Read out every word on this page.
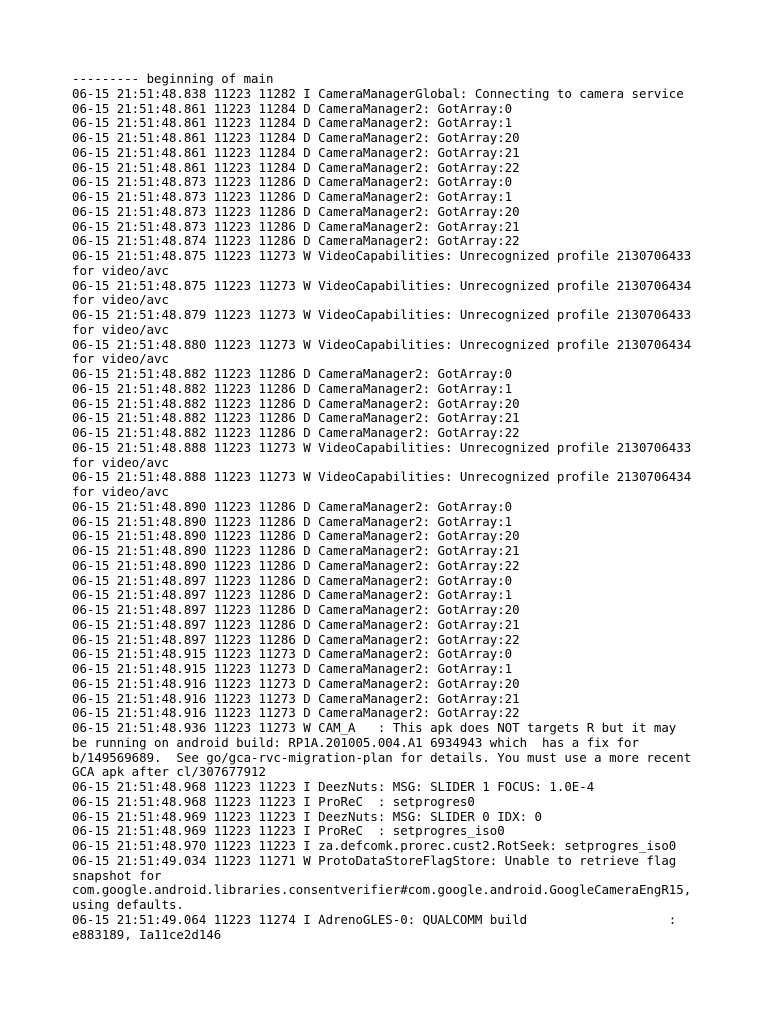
--------- beginning of main
06-15 21:51:48.838 11223 11282 I CameraManagerGlobal: Connecting to camera service
06-15 21:51:48.861 11223 11284 D CameraManager2: GotArray:0
06-15 21:51:48.861 11223 11284 D CameraManager2: GotArray:1
06-15 21:51:48.861 11223 11284 D CameraManager2: GotArray:20
06-15 21:51:48.861 11223 11284 D CameraManager2: GotArray:21
06-15 21:51:48.861 11223 11284 D CameraManager2: GotArray:22
06-15 21:51:48.873 11223 11286 D CameraManager2: GotArray:0
06-15 21:51:48.873 11223 11286 D CameraManager2: GotArray:1
06-15 21:51:48.873 11223 11286 D CameraManager2: GotArray:20
06-15 21:51:48.873 11223 11286 D CameraManager2: GotArray:21
06-15 21:51:48.874 11223 11286 D CameraManager2: GotArray:22
06-15 21:51:48.875 11223 11273 W VideoCapabilities: Unrecognized profile 2130706433
for video/avc
06-15 21:51:48.875 11223 11273 W VideoCapabilities: Unrecognized profile 2130706434
for video/avc
06-15 21:51:48.879 11223 11273 W VideoCapabilities: Unrecognized profile 2130706433
for video/avc
06-15 21:51:48.880 11223 11273 W VideoCapabilities: Unrecognized profile 2130706434
for video/avc
06-15 21:51:48.882 11223 11286 D CameraManager2: GotArray:0
06-15 21:51:48.882 11223 11286 D CameraManager2: GotArray:1
06-15 21:51:48.882 11223 11286 D CameraManager2: GotArray:20
06-15 21:51:48.882 11223 11286 D CameraManager2: GotArray:21
06-15 21:51:48.882 11223 11286 D CameraManager2: GotArray:22
06-15 21:51:48.888 11223 11273 W VideoCapabilities: Unrecognized profile 2130706433
for video/avc
06-15 21:51:48.888 11223 11273 W VideoCapabilities: Unrecognized profile 2130706434
for video/avc
06-15 21:51:48.890 11223 11286 D CameraManager2: GotArray:0
06-15 21:51:48.890 11223 11286 D CameraManager2: GotArray:1
06-15 21:51:48.890 11223 11286 D CameraManager2: GotArray:20
06-15 21:51:48.890 11223 11286 D CameraManager2: GotArray:21
06-15 21:51:48.890 11223 11286 D CameraManager2: GotArray:22
06-15 21:51:48.897 11223 11286 D CameraManager2: GotArray:0
06-15 21:51:48.897 11223 11286 D CameraManager2: GotArray:1
06-15 21:51:48.897 11223 11286 D CameraManager2: GotArray:20
06-15 21:51:48.897 11223 11286 D CameraManager2: GotArray:21
06-15 21:51:48.897 11223 11286 D CameraManager2: GotArray:22
06-15 21:51:48.915 11223 11273 D CameraManager2: GotArray:0
06-15 21:51:48.915 11223 11273 D CameraManager2: GotArray:1
06-15 21:51:48.916 11223 11273 D CameraManager2: GotArray:20
06-15 21:51:48.916 11223 11273 D CameraManager2: GotArray:21
06-15 21:51:48.916 11223 11273 D CameraManager2: GotArray:22
06-15 21:51:48.936 11223 11273 W CAM_A   : This apk does NOT targets R but it may
be running on android build: RP1A.201005.004.A1 6934943 which  has a fix for
b/149569689.  See go/gca-rvc-migration-plan for details. You must use a more recent
GCA apk after cl/307677912
06-15 21:51:48.968 11223 11223 I DeezNuts: MSG: SLIDER 1 FOCUS: 1.0E-4
06-15 21:51:48.968 11223 11223 I ProReC  : setprogres0
06-15 21:51:48.969 11223 11223 I DeezNuts: MSG: SLIDER 0 IDX: 0
06-15 21:51:48.969 11223 11223 I ProReC  : setprogres_iso0
06-15 21:51:48.970 11223 11223 I za.defcomk.prorec.cust2.RotSeek: setprogres_iso0
06-15 21:51:49.034 11223 11271 W ProtoDataStoreFlagStore: Unable to retrieve flag
snapshot for
com.google.android.libraries.consentverifier#com.google.android.GoogleCameraEngR15,
using defaults.
06-15 21:51:49.064 11223 11274 I AdrenoGLES-0: QUALCOMM build                   :
e883189, Ia11ce2d146
